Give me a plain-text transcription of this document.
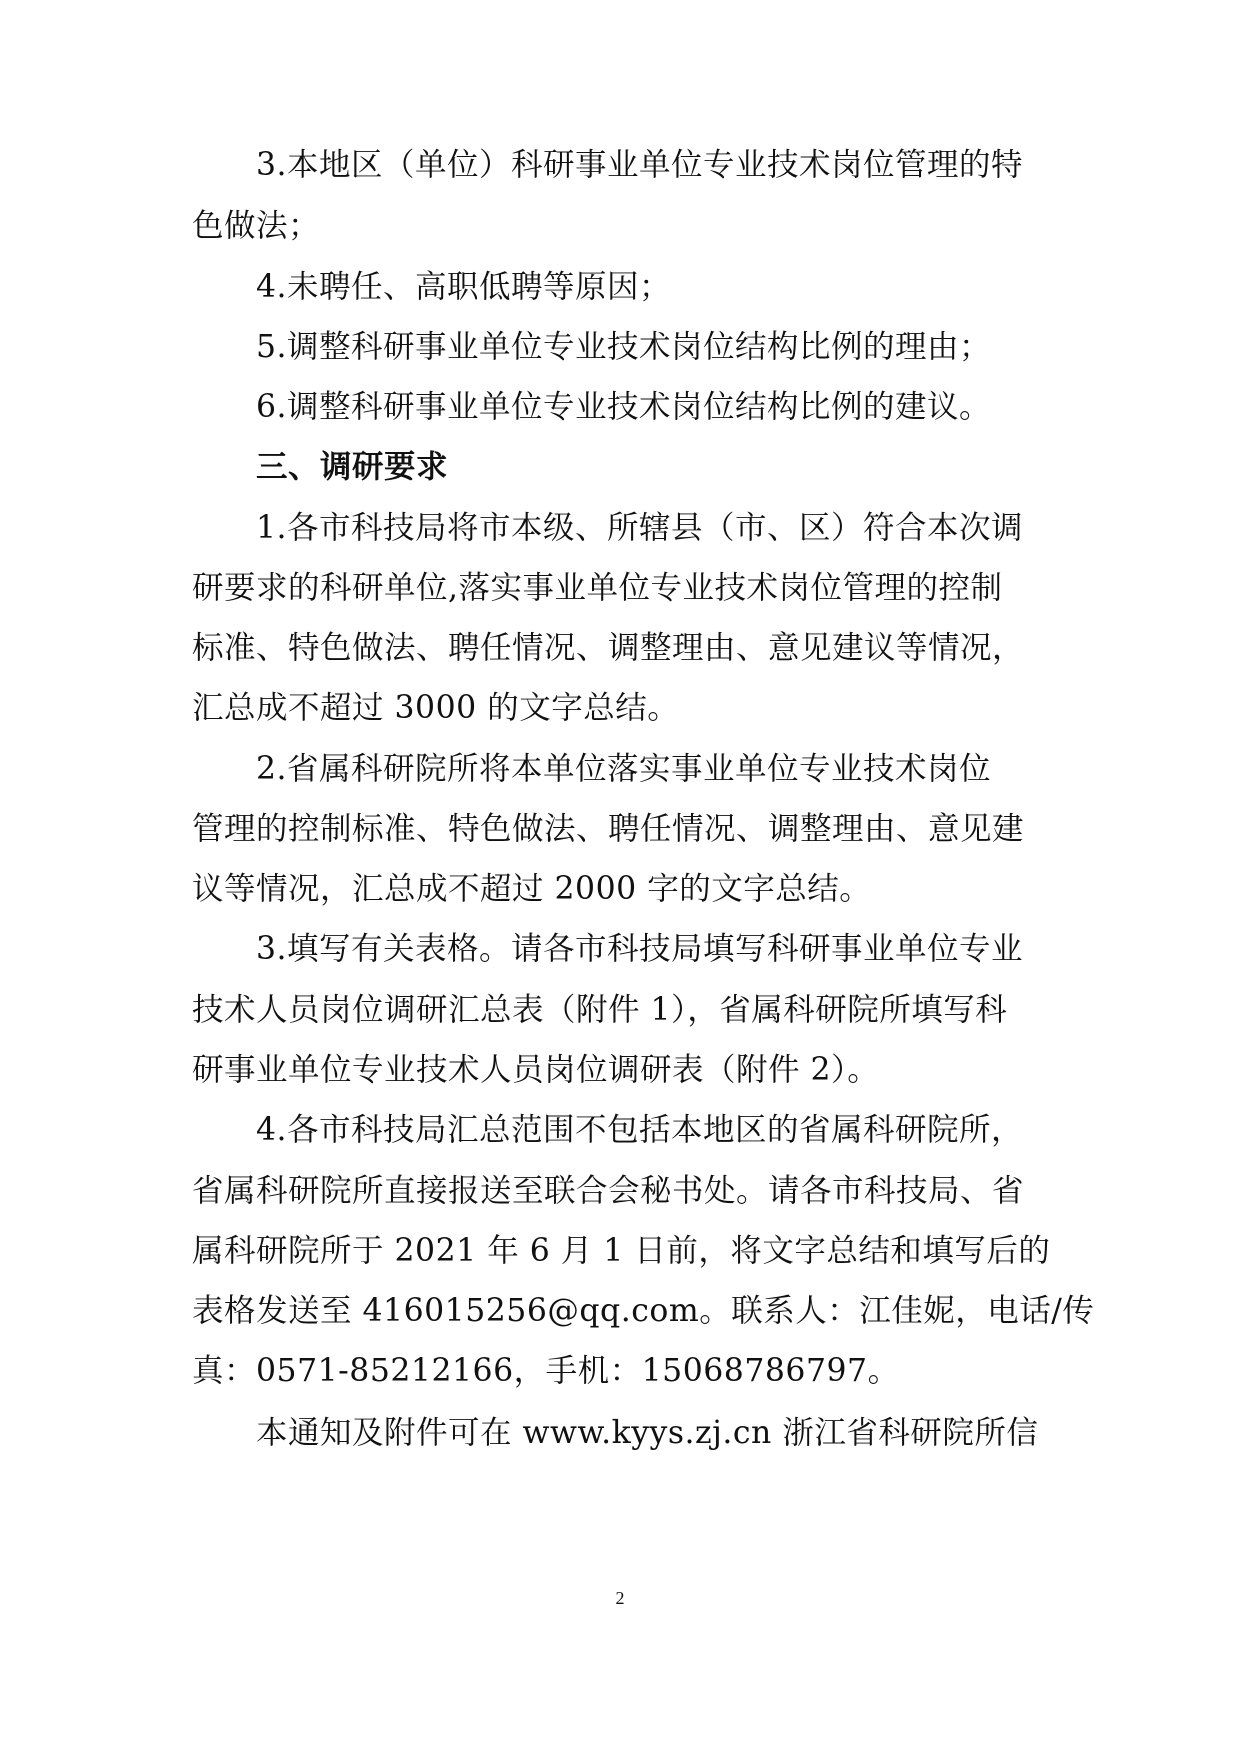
3.本地区（单位）科研事业单位专业技术岗位管理的特
色做法；
4.未聘任、高职低聘等原因；
5.调整科研事业单位专业技术岗位结构比例的理由；
6.调整科研事业单位专业技术岗位结构比例的建议。
三、调研要求
1.各市科技局将市本级、所辖县（市、区）符合本次调
研要求的科研单位,落实事业单位专业技术岗位管理的控制
标准、特色做法、聘任情况、调整理由、意见建议等情况，
汇总成不超过 3000 的文字总结。
2.省属科研院所将本单位落实事业单位专业技术岗位
管理的控制标准、特色做法、聘任情况、调整理由、意见建
议等情况，汇总成不超过 2000 字的文字总结。
3.填写有关表格。请各市科技局填写科研事业单位专业
技术人员岗位调研汇总表（附件 1），省属科研院所填写科
研事业单位专业技术人员岗位调研表（附件 2）。
4.各市科技局汇总范围不包括本地区的省属科研院所，
省属科研院所直接报送至联合会秘书处。请各市科技局、省
属科研院所于 2021 年 6 月 1 日前，将文字总结和填写后的
表格发送至 416015256@qq.com。联系人：江佳妮，电话/传
真：0571-85212166，手机：15068786797。
本通知及附件可在 www.kyys.zj.cn 浙江省科研院所信
2
